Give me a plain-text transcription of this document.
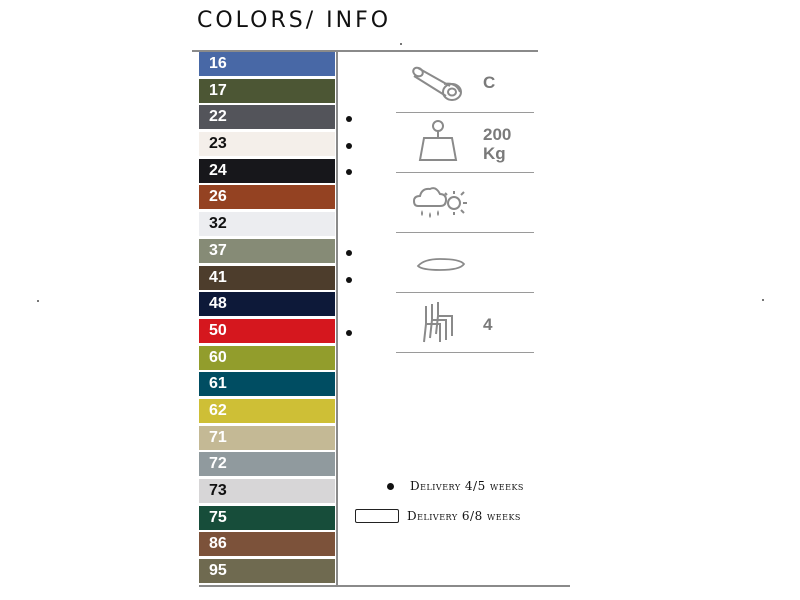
COLORS/ INFO
16
17
22
23
24
26
32
37
41
48
50
60
61
62
71
72
73
75
86
95
C
200
Kg
4
Delivery 4/5 weeks
Delivery 6/8 weeks
